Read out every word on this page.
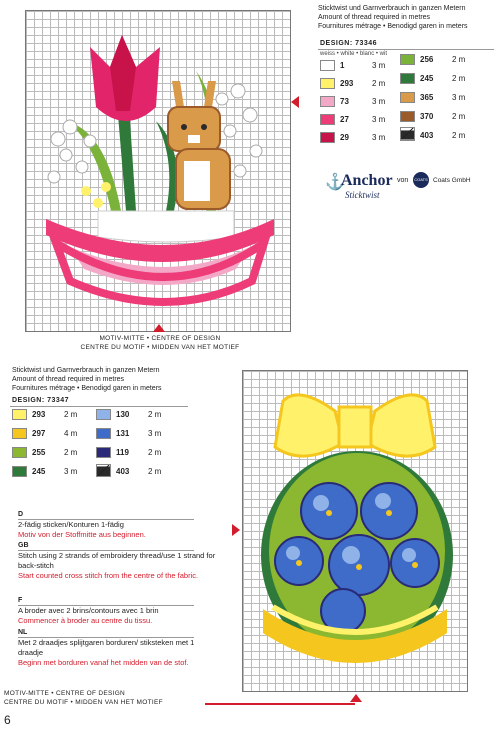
MOTIV-MITTE • CENTRE OF DESIGN
CENTRE DU MOTIF • MIDDEN VAN HET MOTIEF
Sticktwist und Garnverbrauch in ganzen Metern
Amount of thread required in metres
Fournitures métrage • Benodigd garen in meters
DESIGN: 73346
weiss • white • blanc • wit
1	3 m
293 2 m
73	3 m
27	3 m
29	3 m
256 2 m
245 2 m
365 3 m
370 2 m
403 2 m
⚓
Anchor von	COATS Coats GmbH
Sticktwist
Sticktwist und Garnverbrauch in ganzen Metern
Amount of thread required in metres
Fournitures métrage • Benodigd garen in meters
DESIGN: 73347
293 2 m
297 4 m
255 2 m
245 3 m
130 2 m
131 3 m
119 2 m
403 2 m
D
2-fädig sticken/Konturen 1-fädig
Motiv von der Stoffmitte aus beginnen.
GB
Stitch using 2 strands of embroidery thread/use 1 strand for back-stitch
Start counted cross stitch from the centre of the fabric.
F
A broder avec 2 brins/contours avec 1 brin
Commencer à broder au centre du tissu.
NL
Met 2 draadjes splijtgaren borduren/ stiksteken met 1 draadje
Beginn met borduren vanaf het midden van de stof.
MOTIV-MITTE • CENTRE OF DESIGN
CENTRE DU MOTIF • MIDDEN VAN HET MOTIEF
6
